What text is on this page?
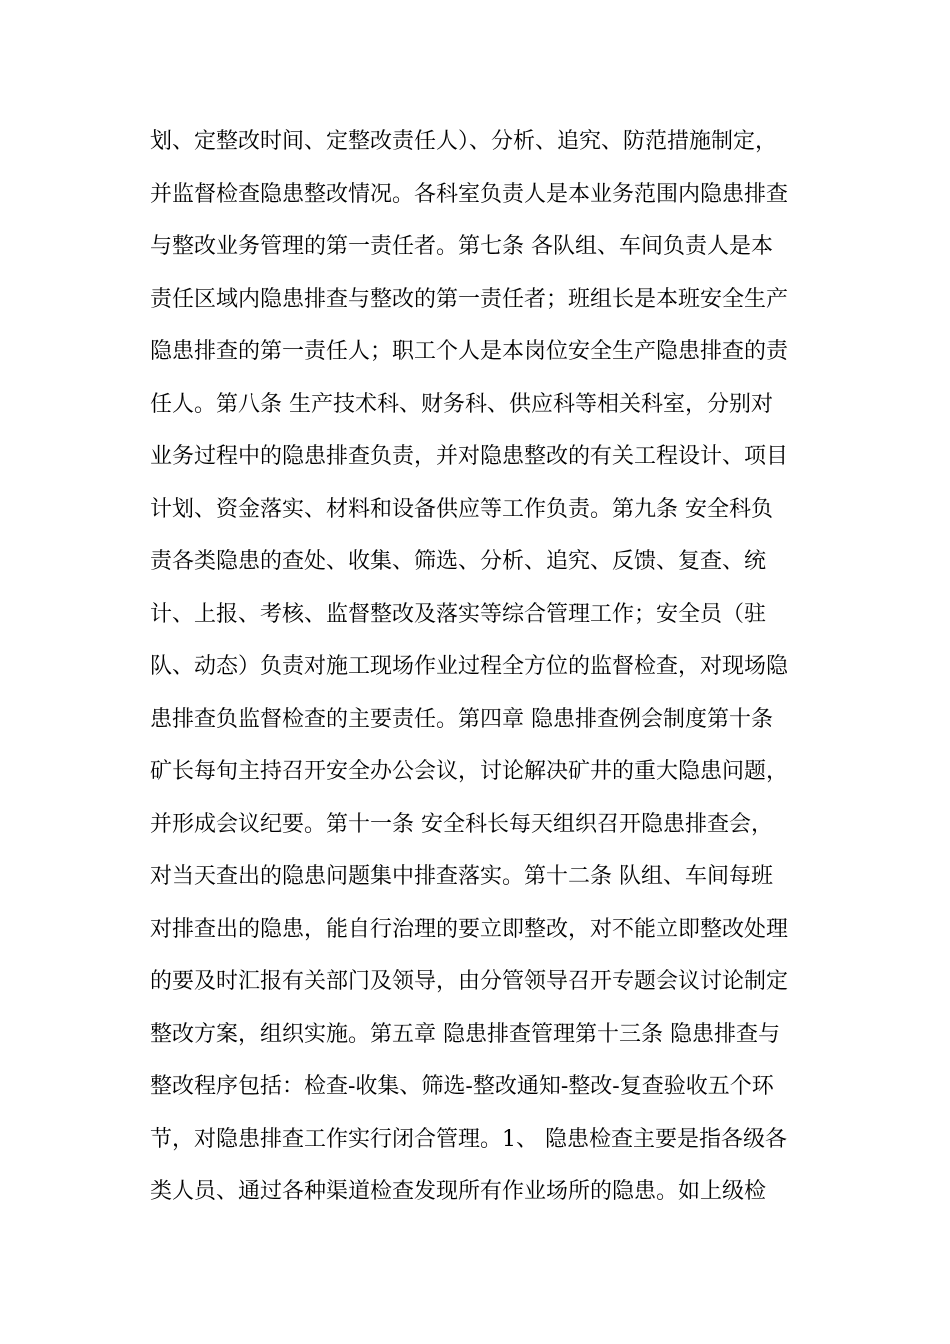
划、定整改时间、定整改责任人）、分析、追究、防范措施制定，
并监督检查隐患整改情况。各科室负责人是本业务范围内隐患排查
与整改业务管理的第一责任者。第七条 各队组、车间负责人是本
责任区域内隐患排查与整改的第一责任者；班组长是本班安全生产
隐患排查的第一责任人；职工个人是本岗位安全生产隐患排查的责
任人。第八条 生产技术科、财务科、供应科等相关科室，分别对
业务过程中的隐患排查负责，并对隐患整改的有关工程设计、项目
计划、资金落实、材料和设备供应等工作负责。第九条 安全科负
责各类隐患的查处、收集、筛选、分析、追究、反馈、复查、统
计、上报、考核、监督整改及落实等综合管理工作；安全员（驻
队、动态）负责对施工现场作业过程全方位的监督检查，对现场隐
患排查负监督检查的主要责任。第四章 隐患排查例会制度第十条
矿长每旬主持召开安全办公会议，讨论解决矿井的重大隐患问题，
并形成会议纪要。第十一条 安全科长每天组织召开隐患排查会，
对当天查出的隐患问题集中排查落实。第十二条 队组、车间每班
对排查出的隐患，能自行治理的要立即整改，对不能立即整改处理
的要及时汇报有关部门及领导，由分管领导召开专题会议讨论制定
整改方案，组织实施。第五章 隐患排查管理第十三条 隐患排查与
整改程序包括：检查-收集、筛选-整改通知-整改-复查验收五个环
节，对隐患排查工作实行闭合管理。1、 隐患检查主要是指各级各
类人员、通过各种渠道检查发现所有作业场所的隐患。如上级检
